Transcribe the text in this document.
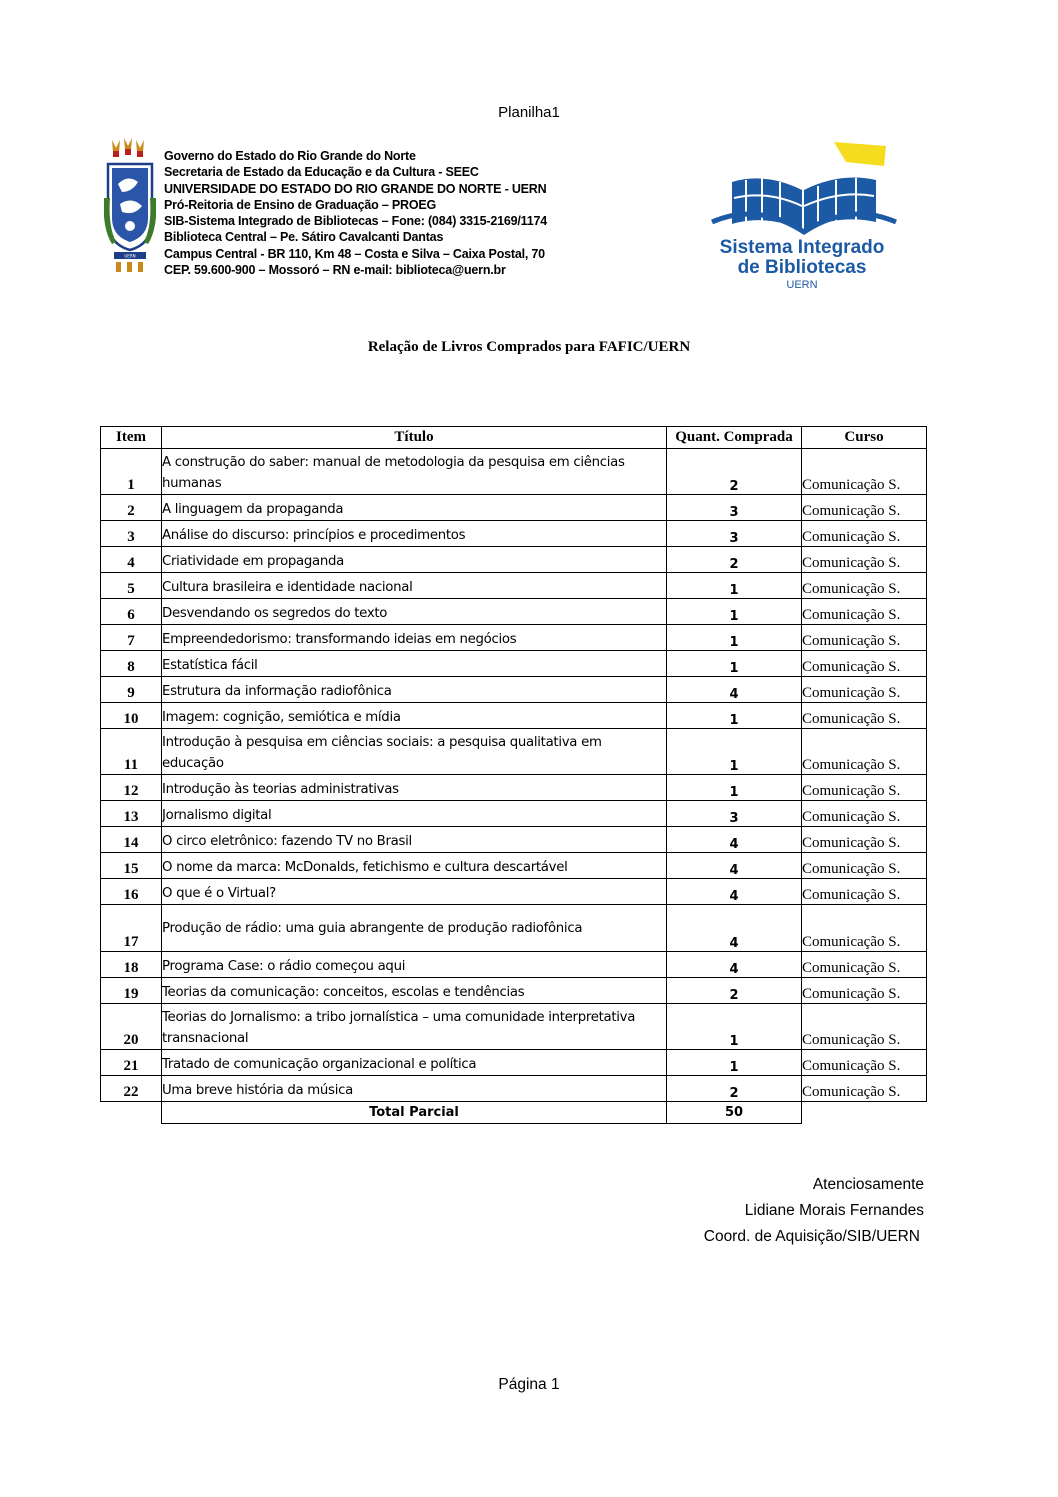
Planilha1
UERN
Governo do Estado do Rio Grande do Norte
Secretaria de Estado da Educação e da Cultura - SEEC
UNIVERSIDADE DO ESTADO DO RIO GRANDE DO NORTE - UERN
Pró-Reitoria de Ensino de Graduação – PROEG
SIB-Sistema Integrado de Bibliotecas – Fone: (084) 3315-2169/1174
Biblioteca Central – Pe. Sátiro Cavalcanti Dantas
Campus Central - BR 110, Km 48 – Costa e Silva – Caixa Postal, 70
CEP. 59.600-900 – Mossoró – RN e-mail: biblioteca@uern.br
Sistema Integrado
de Bibliotecas
UERN
Relação de Livros Comprados para FAFIC/UERN
Item	Título	Quant. Comprada	Curso
1	A construção do saber: manual de metodologia da pesquisa em ciências humanas	2	Comunicação S.
2	A linguagem da propaganda	3	Comunicação S.
3	Análise do discurso: princípios e procedimentos	3	Comunicação S.
4	Criatividade em propaganda	2	Comunicação S.
5	Cultura brasileira e identidade nacional	1	Comunicação S.
6	Desvendando os segredos do texto	1	Comunicação S.
7	Empreendedorismo: transformando ideias em negócios	1	Comunicação S.
8	Estatística fácil	1	Comunicação S.
9	Estrutura da informação radiofônica	4	Comunicação S.
10	Imagem: cognição, semiótica e mídia	1	Comunicação S.
11	Introdução à pesquisa em ciências sociais: a pesquisa qualitativa em educação	1	Comunicação S.
12	Introdução às teorias administrativas	1	Comunicação S.
13	Jornalismo digital	3	Comunicação S.
14	O circo eletrônico: fazendo TV no Brasil	4	Comunicação S.
15	O nome da marca: McDonalds, fetichismo e cultura descartável	4	Comunicação S.
16	O que é o Virtual?	4	Comunicação S.
17	Produção de rádio: uma guia abrangente de produção radiofônica	4	Comunicação S.
18	Programa Case: o rádio começou aqui	4	Comunicação S.
19	Teorias da comunicação: conceitos, escolas e tendências	2	Comunicação S.
20	Teorias do Jornalismo: a tribo jornalística – uma comunidade interpretativa transnacional	1	Comunicação S.
21	Tratado de comunicação organizacional e política	1	Comunicação S.
22	Uma breve história da música	2	Comunicação S.
	Total Parcial	50	
Atenciosamente
Lidiane Morais Fernandes
Coord. de Aquisição/SIB/UERN
Página 1
